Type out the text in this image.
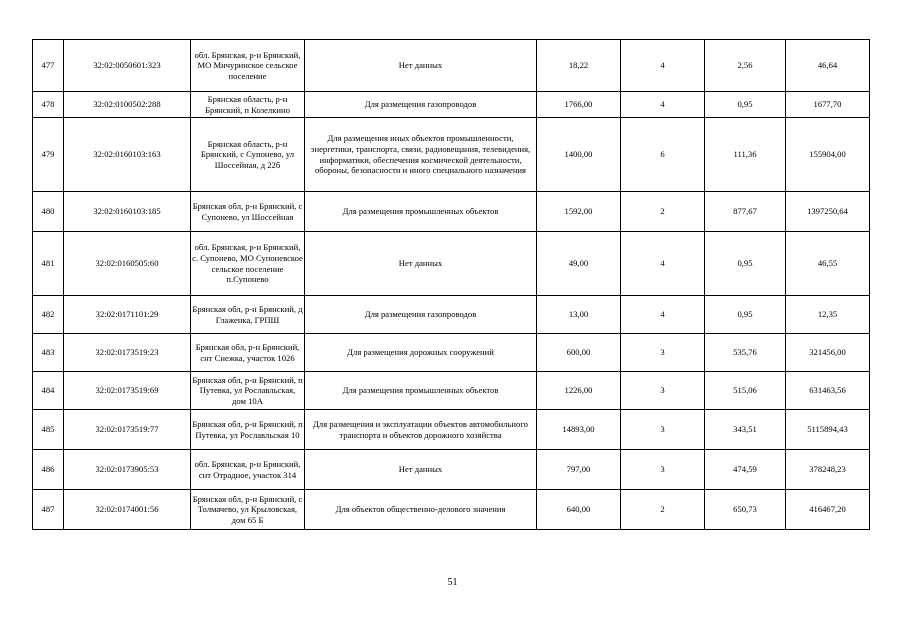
477	32:02:0050601:323	обл. Брянская, р-н Брянский, МО Мичуринское сельское поселение	Нет данных	18,22	4	2,56	46,64
478	32:02:0100502:288	Брянская область, р-н Брянский, п Козелкино	Для размещения газопроводов	1766,00	4	0,95	1677,70
479	32:02:0160103:163	Брянская область, р-н Брянский, с Супонево, ул Шоссейная, д 22б	Для размещения иных объектов промышленности, энергетики, транспорта, связи, радиовещания, телевидения, информатики, обеспечения космической деятельности, обороны, безопасности и иного специального назначения	1400,00	6	111,36	155904,00
480	32:02:0160103:185	Брянская обл, р-н Брянский, с Супонево, ул Шоссейная	Для размещения промышленных объектов	1592,00	2	877,67	1397250,64
481	32:02:0160505:60	обл. Брянская, р-н Брянский, с. Супонево, МО Супоневское сельское поселение п.Супонево	Нет данных	49,00	4	0,95	46,55
482	32:02:0171101:29	Брянская обл, р-н Брянский, д Глаженка, ГРПШ	Для размещения газопроводов	13,00	4	0,95	12,35
483	32:02:0173519:23	Брянская обл, р-н Брянский, снт Снежка, участок 1026	Для размещения дорожных сооружений	600,00	3	535,76	321456,00
484	32:02:0173519:69	Брянская обл, р-н Брянский, п Путевка, ул Рославльская, дом 10А	Для размещения промышленных объектов	1226,00	3	515,06	631463,56
485	32:02:0173519:77	Брянская обл, р-н Брянский, п Путевка, ул Рославльская 10	Для размещения и эксплуатации объектов автомобильного транспорта и объектов дорожного хозяйства	14893,00	3	343,51	5115894,43
486	32:02:0173905:53	обл. Брянская, р-н Брянский, снт Отрадное, участок 314	Нет данных	797,00	3	474,59	378248,23
487	32:02:0174001:56	Брянская обл, р-н Брянский, с Толмачево, ул Крыловская, дом 65 Б	Для объектов общественно-делового значения	640,00	2	650,73	416467,20
51
